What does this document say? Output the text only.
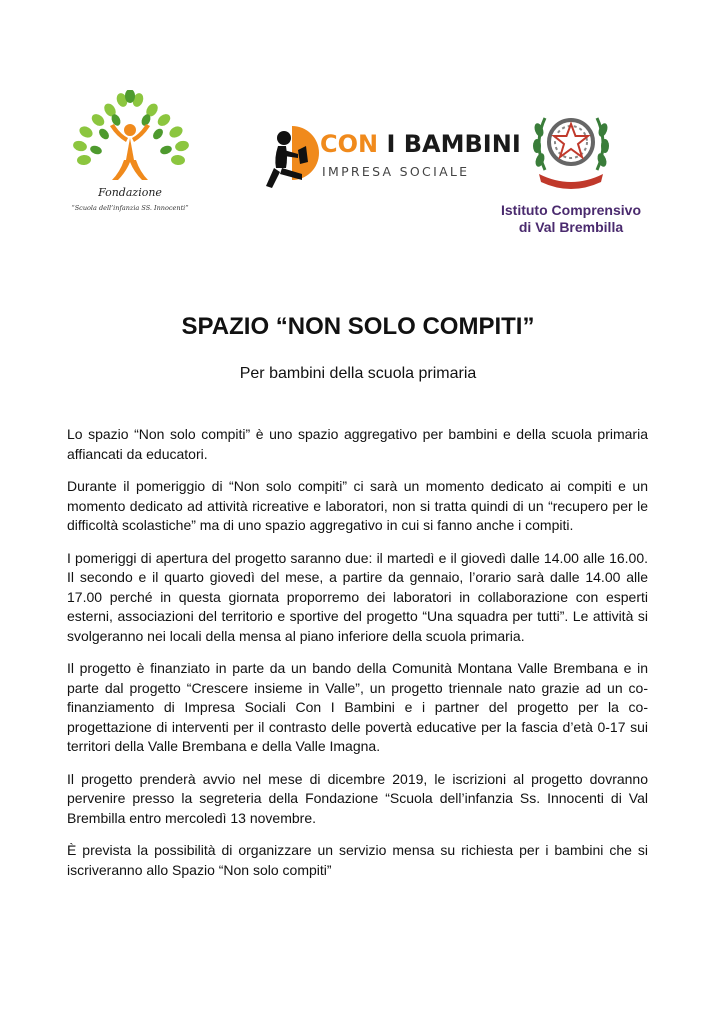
Fondazione
“Scuola dell’infanzia SS. Innocenti”
CON I BAMBINI
IMPRESA SOCIALE
Istituto Comprensivo
di Val Brembilla
SPAZIO “NON SOLO COMPITI”
Per bambini della scuola primaria

Lo spazio “Non solo compiti” è uno spazio aggregativo per bambini e della scuola primaria affiancati da educatori.

Durante il pomeriggio di “Non solo compiti” ci sarà un momento dedicato ai compiti e un momento dedicato ad attività ricreative e laboratori, non si tratta quindi di un “recupero per le difficoltà scolastiche” ma di uno spazio aggregativo in cui si fanno anche i compiti.

I pomeriggi di apertura del progetto saranno due: il martedì e il giovedì dalle 14.00 alle 16.00. Il secondo e il quarto giovedì del mese, a partire da gennaio, l’orario sarà dalle 14.00 alle 17.00 perché in questa giornata proporremo dei laboratori in collaborazione con esperti esterni, associazioni del territorio e sportive del progetto “Una squadra per tutti”. Le attività si svolgeranno nei locali della mensa al piano inferiore della scuola primaria.

Il progetto è finanziato in parte da un bando della Comunità Montana Valle Brembana e in parte dal progetto “Crescere insieme in Valle”, un progetto triennale nato grazie ad un co-finanziamento di Impresa Sociali Con I Bambini e i partner del progetto per la co-progettazione di interventi per il contrasto delle povertà educative per la fascia d’età 0-17 sui territori della Valle Brembana e della Valle Imagna.

Il progetto prenderà avvio nel mese di dicembre 2019, le iscrizioni al progetto dovranno pervenire presso la segreteria della Fondazione “Scuola dell’infanzia Ss. Innocenti di Val Brembilla entro mercoledì 13 novembre.

È prevista la possibilità di organizzare un servizio mensa su richiesta per i bambini che si iscriveranno allo Spazio “Non solo compiti”
